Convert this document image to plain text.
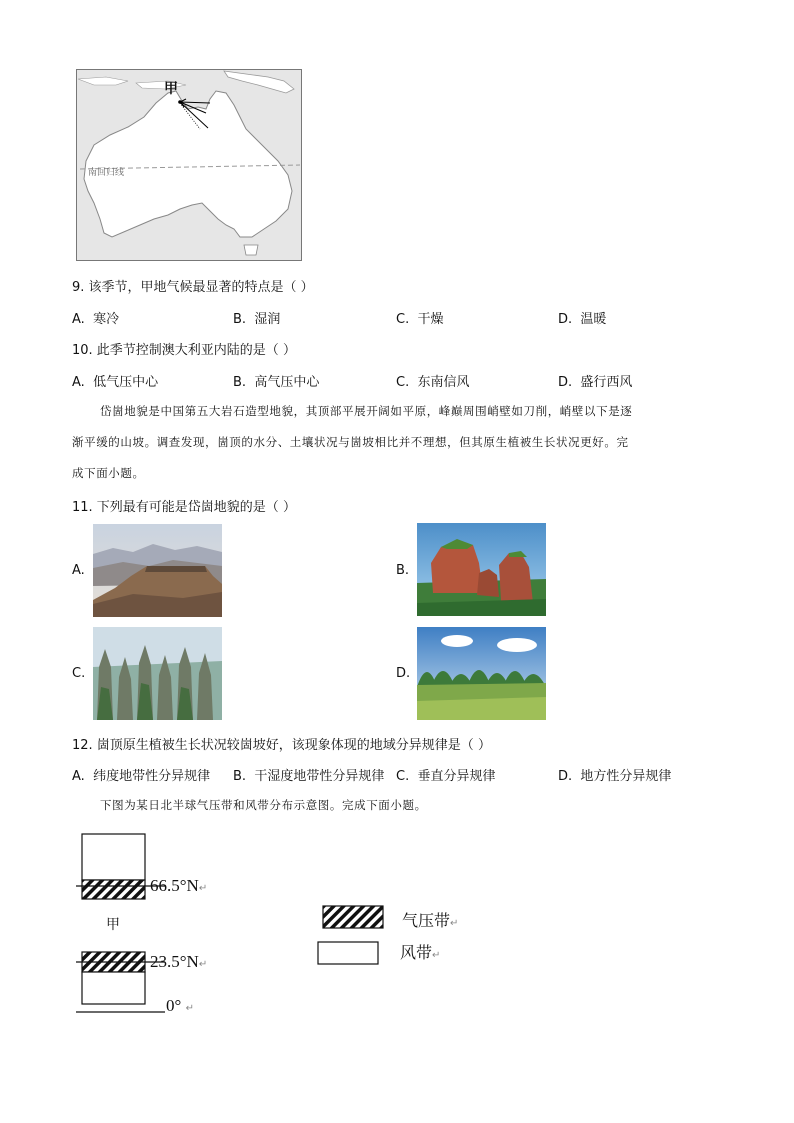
甲
南回归线
9. 该季节，甲地气候最显著的特点是（ ）
A. 寒冷	B. 湿润	C. 干燥	D. 温暖
10. 此季节控制澳大利亚内陆的是（ ）
A. 低气压中心	B. 高气压中心	C. 东南信风	D. 盛行西风
岱崮地貌是中国第五大岩石造型地貌，其顶部平展开阔如平原，峰巅周围峭壁如刀削，峭壁以下是逐
渐平缓的山坡。调查发现，崮顶的水分、土壤状况与崮坡相比并不理想，但其原生植被生长状况更好。完
成下面小题。
11. 下列最有可能是岱崮地貌的是（ ）
A.	B.
C.	D.
12. 崮顶原生植被生长状况较崮坡好，该现象体现的地域分异规律是（ ）
A. 纬度地带性分异规律 B. 干湿度地带性分异规律 C. 垂直分异规律	D. 地方性分异规律
下图为某日北半球气压带和风带分布示意图。完成下面小题。
66.5°N↵
甲
23.5°N↵
0° ↵
气压带↵
风带↵
